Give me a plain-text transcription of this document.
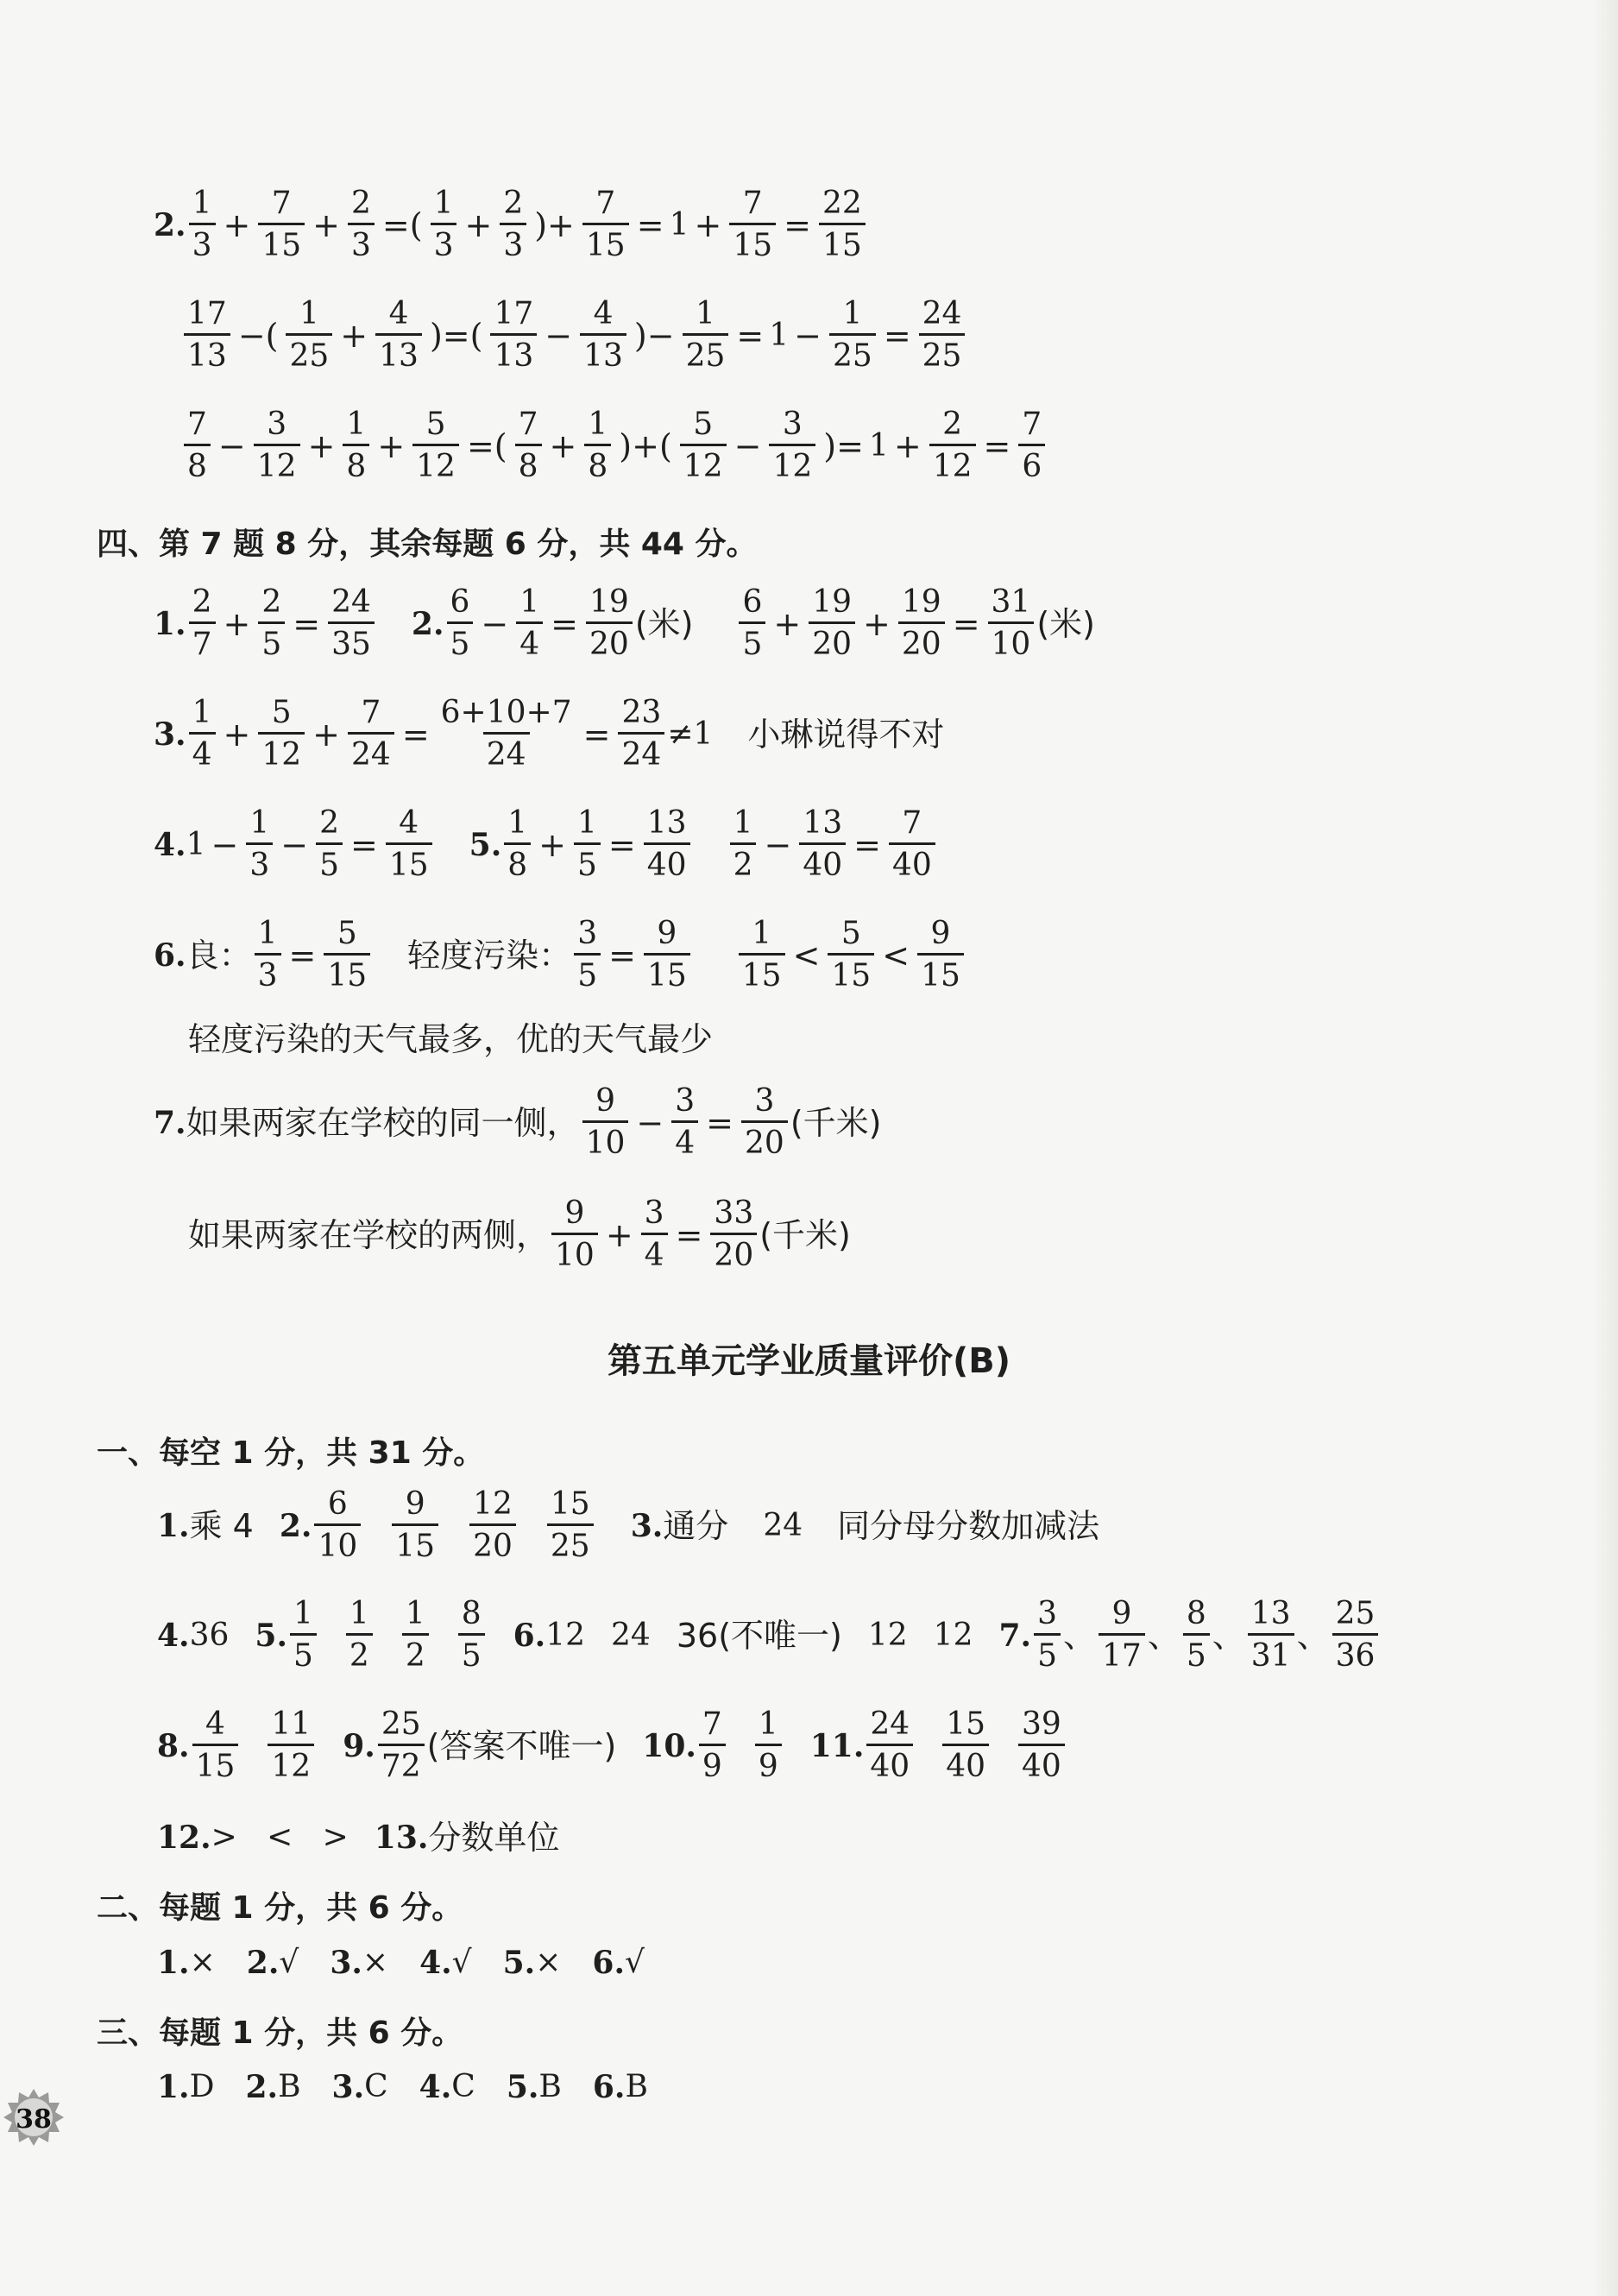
2. $\frac{1}{3} + \frac{7}{15} + \frac{2}{3}$ =( $\frac{1}{3} + \frac{2}{3}$ )+ $\frac{7}{15} = 1 + \frac{7}{15} = \frac{22}{15}$
$\frac{17}{13}$ −( $\frac{1}{25} + \frac{4}{13}$ )=( $\frac{17}{13} - \frac{4}{13}$ )− $\frac{1}{25} = 1 - \frac{1}{25} = \frac{24}{25}$
$\frac{7}{8} - \frac{3}{12} + \frac{1}{8} + \frac{5}{12}$ =( $\frac{7}{8} + \frac{1}{8}$ )+( $\frac{5}{12} - \frac{3}{12}$ )= $1 + \frac{2}{12} = \frac{7}{6}$
四、第 7 题 8 分，其余每题 6 分，共 44 分。
1. $\frac{2}{7} + \frac{2}{5} = \frac{24}{35} 2$. $\frac{6}{5} - \frac{1}{4} = \frac{19}{20}$ (米) $\frac{6}{5} + \frac{19}{20} + \frac{19}{20} = \frac{31}{10}$ (米)
3. $\frac{1}{4} + \frac{5}{12} + \frac{7}{24} = \frac{6+10+7}{24} = \frac{23}{24} \ne 1$ 小琳说得不对
4. $1 - \frac{1}{3} - \frac{2}{5} = \frac{4}{15} 5$. $\frac{1}{8} + \frac{1}{5} = \frac{13}{40} \frac{1}{2} - \frac{13}{40} = \frac{7}{40}$
6. 良： $\frac{1}{3} = \frac{5}{15}$ 轻度污染： $\frac{3}{5} = \frac{9}{15} \frac{1}{15} < \frac{5}{15} < \frac{9}{15}$
轻度污染的天气最多，优的天气最少
7. 如果两家在学校的同一侧， $\frac{9}{10} - \frac{3}{4} = \frac{3}{20}$ (千米)
如果两家在学校的两侧， $\frac{9}{10} + \frac{3}{4} = \frac{33}{20}$ (千米)
第五单元学业质量评价(B)
一、每空 1 分，共 31 分。
1. 乘 4 2. $\frac{6}{10} \frac{9}{15} \frac{12}{20} \frac{15}{25} 3$. 通分 24 同分母分数加减法
4. 36 5. $\frac{1}{5} \frac{1}{2} \frac{1}{2} \frac{8}{5} 6$. 12 24 36(不唯一) 12 12 7. $\frac{3}{5}$ 、 $\frac{9}{17}$ 、 $\frac{8}{5}$ 、 $\frac{13}{31}$ 、 $\frac{25}{36}$
8. $\frac{4}{15} \frac{11}{12} 9$. $\frac{25}{72}$ (答案不唯一) 10. $\frac{7}{9} \frac{1}{9} 11$. $\frac{24}{40} \frac{15}{40} \frac{39}{40}$
12. >   <   > 13. 分数单位
二、每题 1 分，共 6 分。
1. × 2. √ 3. × 4. √ 5. × 6. √
三、每题 1 分，共 6 分。
1. D 2. B 3. C 4. C 5. B 6. B
38
